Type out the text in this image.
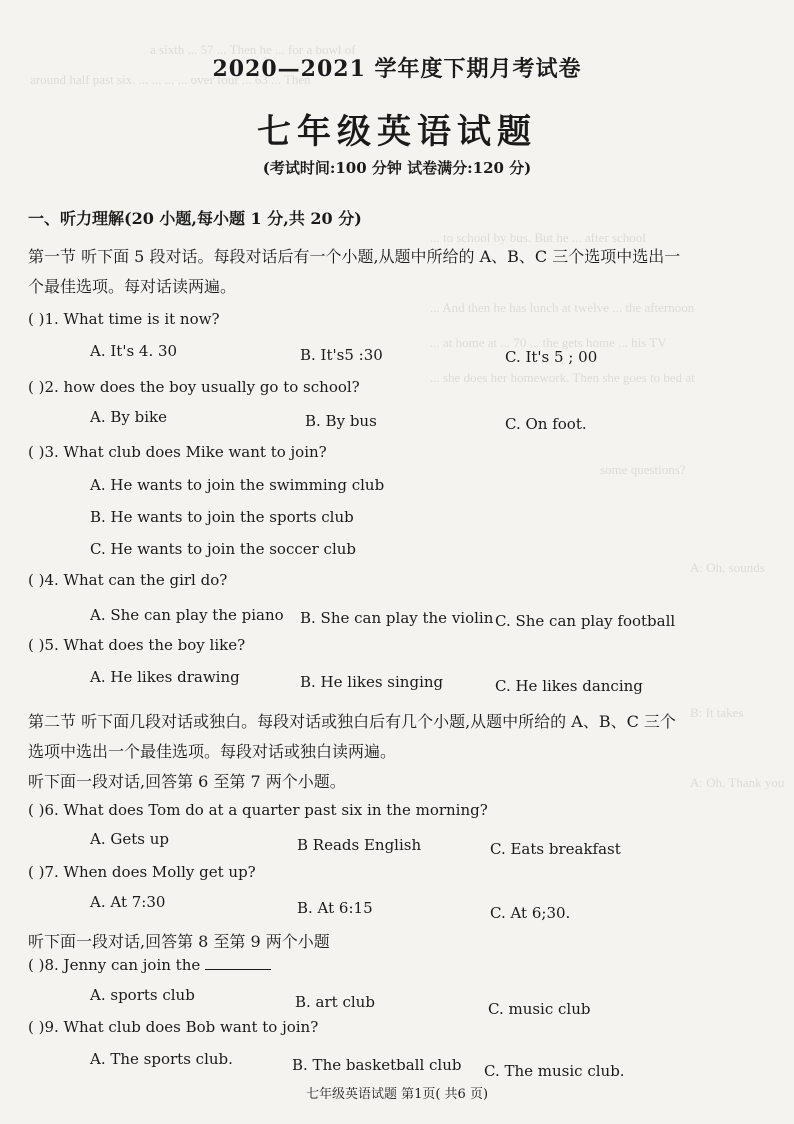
a sixth ... 57 ... Then he ... for a bowl of
around half past six. ... ... ... ... over four ... 63 ... Then
... to school by bus. But he ... after school
... And then he has lunch at twelve ... the afternoon
... at home at ... 70 ... the gets home ... his TV
... she does her homework. Then she goes to bed at
some questions?
A: Oh, sounds
B: It takes
A: Oh, Thank you
2020—2021 学年度下期月考试卷
七年级英语试题
(考试时间:100 分钟 试卷满分:120 分)
一、听力理解(20 小题,每小题 1 分,共 20 分)
第一节 听下面 5 段对话。每段对话后有一个小题,从题中所给的 A、B、C 三个选项中选出一
个最佳选项。每对话读两遍。
( )1. What time is it now?
A. It's 4. 30	B. It's5 :30	C. It's 5 ; 00
( )2. how does the boy usually go to school?
A. By bike	B. By bus	C. On foot.
( )3. What club does Mike want to join?
A. He wants to join the swimming club
B. He wants to join the sports club
C. He wants to join the soccer club
( )4. What can the girl do?
A. She can play the piano B. She can play the violin C. She can play football
( )5. What does the boy like?
A. He likes drawing	B. He likes singing	C. He likes dancing
第二节 听下面几段对话或独白。每段对话或独白后有几个小题,从题中所给的 A、B、C 三个
选项中选出一个最佳选项。每段对话或独白读两遍。
听下面一段对话,回答第 6 至第 7 两个小题。
( )6. What does Tom do at a quarter past six in the morning?
A. Gets up	B Reads English	C. Eats breakfast
( )7. When does Molly get up?
A. At 7:30	B. At 6:15	C. At 6;30.
听下面一段对话,回答第 8 至第 9 两个小题
( )8. Jenny can join the
A. sports club	B. art club	C. music club
( )9. What club does Bob want to join?
A. The sports club.	B. The basketball club C. The music club.
七年级英语试题 第1页( 共6 页)
